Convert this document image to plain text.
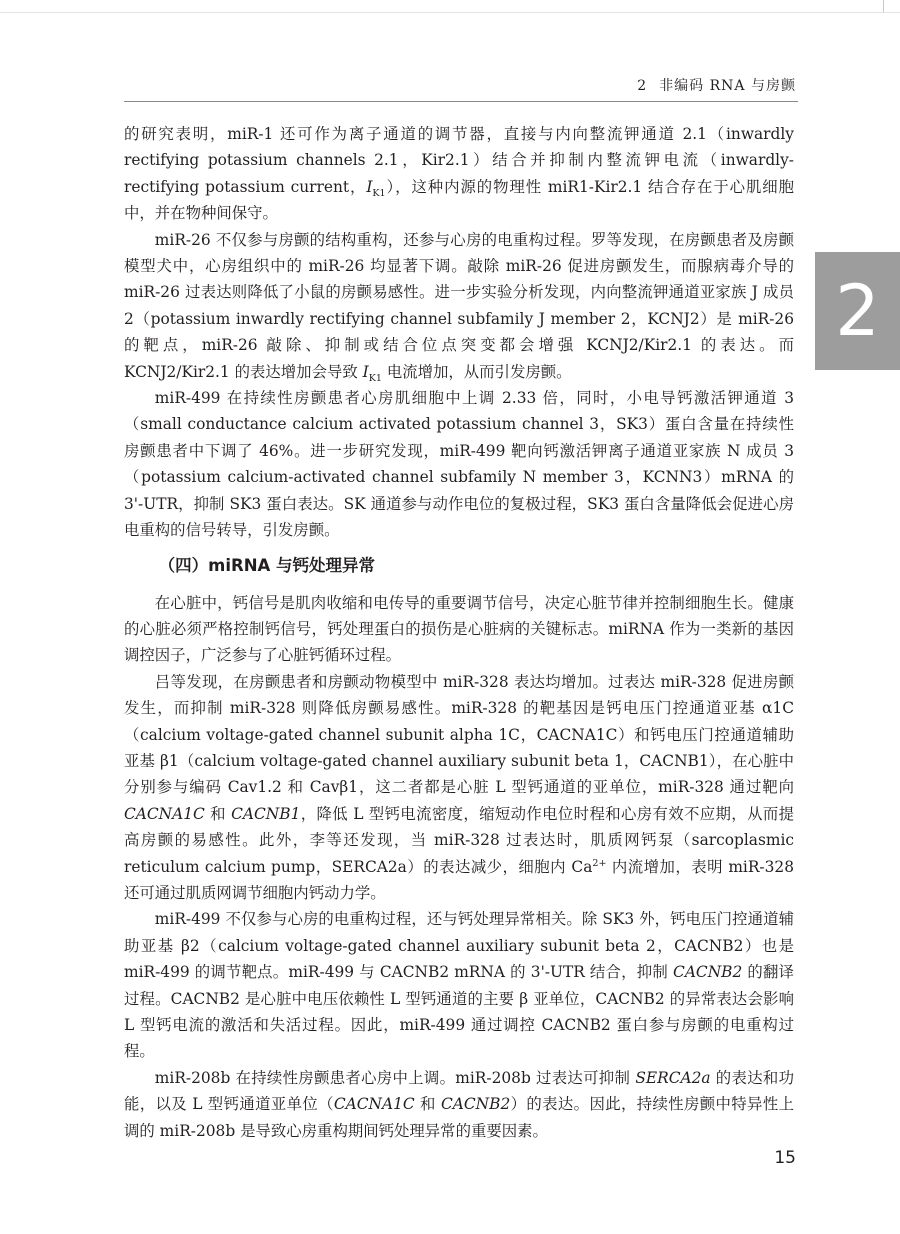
2 非编码 RNA 与房颤
2

的研究表明，miR-1 还可作为离子通道的调节器，直接与内向整流钾通道 2.1（inwardly rectifying potassium channels 2.1，Kir2.1）结合并抑制内整流钾电流（inwardly-rectifying potassium current，$I_{K1}$），这种内源的物理性 miR1-Kir2.1 结合存在于心肌细胞中，并在物种间保守。

miR-26 不仅参与房颤的结构重构，还参与心房的电重构过程。罗等发现，在房颤患者及房颤模型犬中，心房组织中的 miR-26 均显著下调。敲除 miR-26 促进房颤发生，而腺病毒介导的 miR-26 过表达则降低了小鼠的房颤易感性。进一步实验分析发现，内向整流钾通道亚家族 J 成员 2（potassium inwardly rectifying channel subfamily J member 2，KCNJ2）是 miR-26 的靶点，miR-26 敲除、抑制或结合位点突变都会增强 KCNJ2/Kir2.1 的表达。而 KCNJ2/Kir2.1 的表达增加会导致 $I_{K1}$ 电流增加，从而引发房颤。

miR-499 在持续性房颤患者心房肌细胞中上调 2.33 倍，同时，小电导钙激活钾通道 3（small conductance calcium activated potassium channel 3，SK3）蛋白含量在持续性房颤患者中下调了 46%。进一步研究发现，miR-499 靶向钙激活钾离子通道亚家族 N 成员 3（potassium calcium-activated channel subfamily N member 3，KCNN3）mRNA 的 3'-UTR，抑制 SK3 蛋白表达。SK 通道参与动作电位的复极过程，SK3 蛋白含量降低会促进心房电重构的信号转导，引发房颤。

（四）miRNA 与钙处理异常

在心脏中，钙信号是肌肉收缩和电传导的重要调节信号，决定心脏节律并控制细胞生长。健康的心脏必须严格控制钙信号，钙处理蛋白的损伤是心脏病的关键标志。miRNA 作为一类新的基因调控因子，广泛参与了心脏钙循环过程。

吕等发现，在房颤患者和房颤动物模型中 miR-328 表达均增加。过表达 miR-328 促进房颤发生，而抑制 miR-328 则降低房颤易感性。miR-328 的靶基因是钙电压门控通道亚基 α1C（calcium voltage-gated channel subunit alpha 1C，CACNA1C）和钙电压门控通道辅助亚基 β1（calcium voltage-gated channel auxiliary subunit beta 1，CACNB1），在心脏中分别参与编码 Cav1.2 和 Cavβ1，这二者都是心脏 L 型钙通道的亚单位，miR-328 通过靶向 CACNA1C 和 CACNB1，降低 L 型钙电流密度，缩短动作电位时程和心房有效不应期，从而提高房颤的易感性。此外，李等还发现，当 miR-328 过表达时，肌质网钙泵（sarcoplasmic reticulum calcium pump，SERCA2a）的表达减少，细胞内 $Ca^{2+}$ 内流增加，表明 miR-328 还可通过肌质网调节细胞内钙动力学。

miR-499 不仅参与心房的电重构过程，还与钙处理异常相关。除 SK3 外，钙电压门控通道辅助亚基 β2（calcium voltage-gated channel auxiliary subunit beta 2，CACNB2）也是 miR-499 的调节靶点。miR-499 与 CACNB2 mRNA 的 3'-UTR 结合，抑制 CACNB2 的翻译过程。CACNB2 是心脏中电压依赖性 L 型钙通道的主要 β 亚单位，CACNB2 的异常表达会影响 L 型钙电流的激活和失活过程。因此，miR-499 通过调控 CACNB2 蛋白参与房颤的电重构过程。

miR-208b 在持续性房颤患者心房中上调。miR-208b 过表达可抑制 SERCA2a 的表达和功能，以及 L 型钙通道亚单位（CACNA1C 和 CACNB2）的表达。因此，持续性房颤中特异性上调的 miR-208b 是导致心房重构期间钙处理异常的重要因素。

15
